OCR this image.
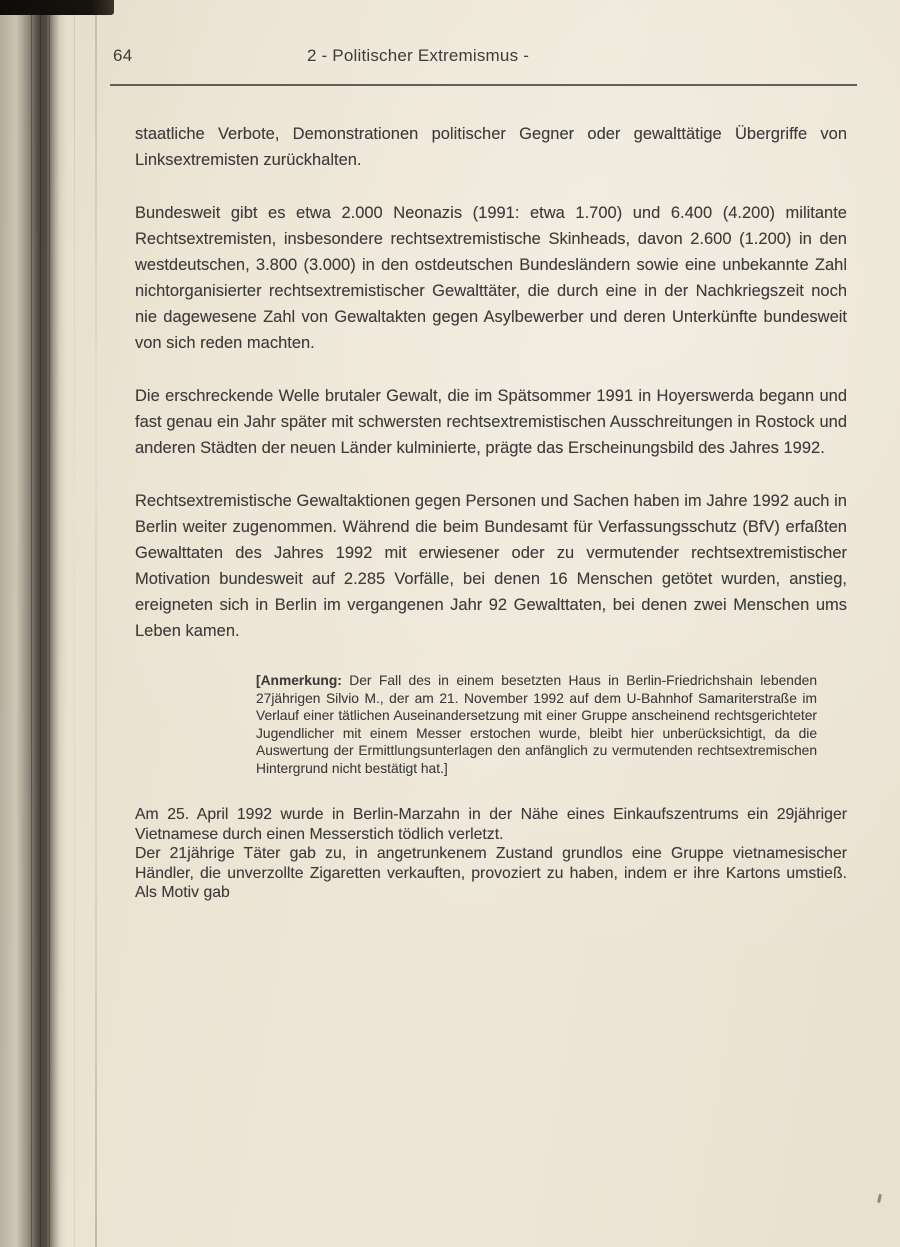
64	2 - Politischer Extremismus -

staatliche Verbote, Demonstrationen politischer Gegner oder gewalttätige Übergriffe von Linksextremisten zurückhalten.

Bundesweit gibt es etwa 2.000 Neonazis (1991: etwa 1.700) und 6.400 (4.200) militante Rechtsextremisten, insbesondere rechtsextremistische Skinheads, davon 2.600 (1.200) in den westdeutschen, 3.800 (3.000) in den ostdeutschen Bundesländern sowie eine unbekannte Zahl nichtorganisierter rechtsextremistischer Gewalttäter, die durch eine in der Nachkriegszeit noch nie dagewesene Zahl von Gewaltakten gegen Asylbewerber und deren Unterkünfte bundesweit von sich reden machten.

Die erschreckende Welle brutaler Gewalt, die im Spätsommer 1991 in Hoyerswerda begann und fast genau ein Jahr später mit schwersten rechtsextremistischen Ausschreitungen in Rostock und anderen Städten der neuen Länder kulminierte, prägte das Erscheinungsbild des Jahres 1992.

Rechtsextremistische Gewaltaktionen gegen Personen und Sachen haben im Jahre 1992 auch in Berlin weiter zugenommen. Während die beim Bundesamt für Verfassungsschutz (BfV) erfaßten Gewalttaten des Jahres 1992 mit erwiesener oder zu vermutender rechtsextremistischer Motivation bundesweit auf 2.285 Vorfälle, bei denen 16 Menschen getötet wurden, anstieg, ereigneten sich in Berlin im vergangenen Jahr 92 Gewalttaten, bei denen zwei Menschen ums Leben kamen.

[Anmerkung: Der Fall des in einem besetzten Haus in Berlin-Friedrichshain lebenden 27jährigen Silvio M., der am 21. November 1992 auf dem U-Bahnhof Samariterstraße im Verlauf einer tätlichen Auseinandersetzung mit einer Gruppe anscheinend rechtsgerichteter Jugendlicher mit einem Messer erstochen wurde, bleibt hier unberücksichtigt, da die Auswertung der Ermittlungsunterlagen den anfänglich zu vermutenden rechtsextremischen Hintergrund nicht bestätigt hat.]

Am 25. April 1992 wurde in Berlin-Marzahn in der Nähe eines Einkaufszentrums ein 29jähriger Vietnamese durch einen Messerstich tödlich verletzt.

Der 21jährige Täter gab zu, in angetrunkenem Zustand grundlos eine Gruppe vietnamesischer Händler, die unverzollte Zigaretten verkauften, provoziert zu haben, indem er ihre Kartons umstieß. Als Motiv gab
